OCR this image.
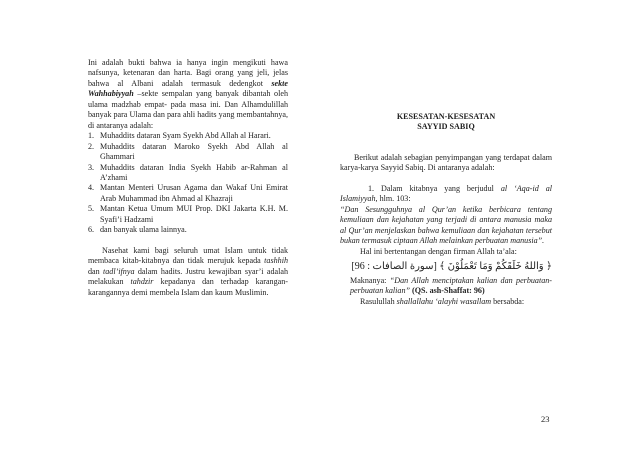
Ini adalah bukti bahwa ia hanya ingin mengikuti hawa nafsunya, ketenaran dan harta. Bagi orang yang jeli, jelas bahwa al Albani adalah termasuk dedengkot sekte Wahhabiyyah –sekte sempalan yang banyak dibantah oleh ulama madzhab empat- pada masa ini. Dan Alhamdulillah banyak para Ulama dan para ahli hadits yang membantahnya, di antaranya adalah:

1. Muhaddits dataran Syam Syekh Abd Allah al Harari.
2. Muhaddits dataran Maroko Syekh Abd Allah al Ghammari
3. Muhaddits dataran India Syekh Habib ar-Rahman al A’zhami
4. Mantan Menteri Urusan Agama dan Wakaf Uni Emirat Arab Muhammad ibn Ahmad al Khazraji
5. Mantan Ketua Umum MUI Prop. DKI Jakarta K.H. M. Syafi’i Hadzami
6. dan banyak ulama lainnya.

Nasehat kami bagi seluruh umat Islam untuk tidak membaca kitab-kitabnya dan tidak merujuk kepada tashhih dan tadl’ifnya dalam hadits. Justru kewajiban syar’i adalah melakukan tahdzir kepadanya dan terhadap karangan-karangannya demi membela Islam dan kaum Muslimin.

KESESATAN-KESESATAN
SAYYID SABIQ

Berikut adalah sebagian penyimpangan yang terdapat dalam karya-karya Sayyid Sabiq. Di antaranya adalah:

1. Dalam kitabnya yang berjudul al ‘Aqa-id al Islamiyyah, hlm. 103:

“Dan Sesungguhnya al Qur’an ketika berbicara tentang kemuliaan dan kejahatan yang terjadi di antara manusia maka al Qur’an menjelaskan bahwa kemuliaan dan kejahatan tersebut bukan termasuk ciptaan Allah melainkan perbuatan manusia”.

Hal ini bertentangan dengan firman Allah ta’ala:

﴿ وَاللهُ خَلَقَكُمْ وَمَا تَعْمَلُوْنَ ﴾ [سورة الصافات : 96]

Maknanya: “Dan Allah menciptakan kalian dan perbuatan-perbuatan kalian” (QS. ash-Shaffat: 96)

Rasulullah shallallahu ‘alayhi wasallam bersabda:

23
